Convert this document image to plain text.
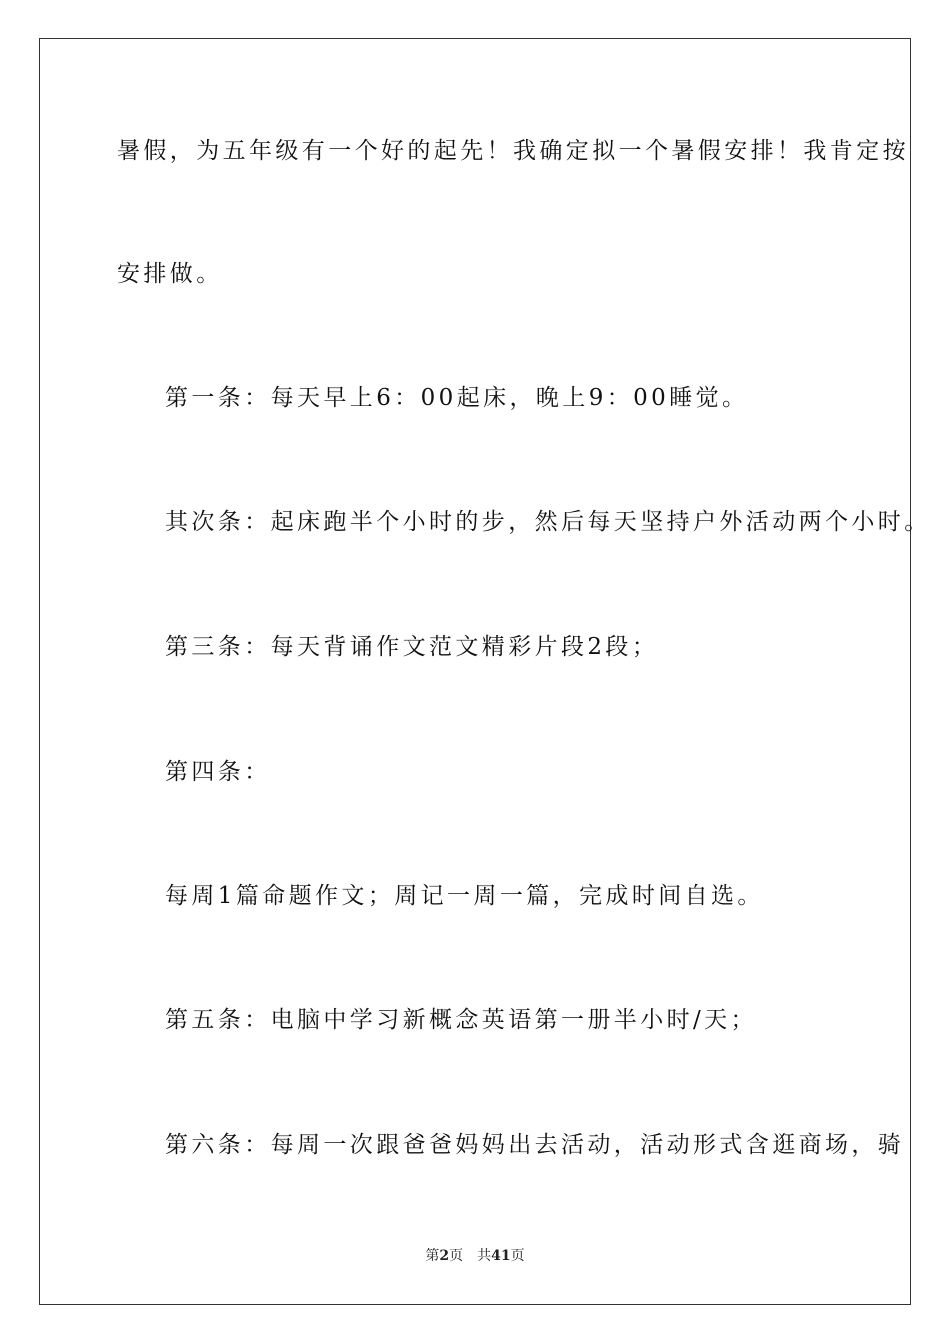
暑假，为五年级有一个好的起先！我确定拟一个暑假安排！我肯定按
安排做。
第一条：每天早上6：00起床，晚上9：00睡觉。
其次条：起床跑半个小时的步，然后每天坚持户外活动两个小时。
第三条：每天背诵作文范文精彩片段2段；
第四条：
每周1篇命题作文；周记一周一篇，完成时间自选。
第五条：电脑中学习新概念英语第一册半小时/天；
第六条：每周一次跟爸爸妈妈出去活动，活动形式含逛商场，骑
第2页 共41页
